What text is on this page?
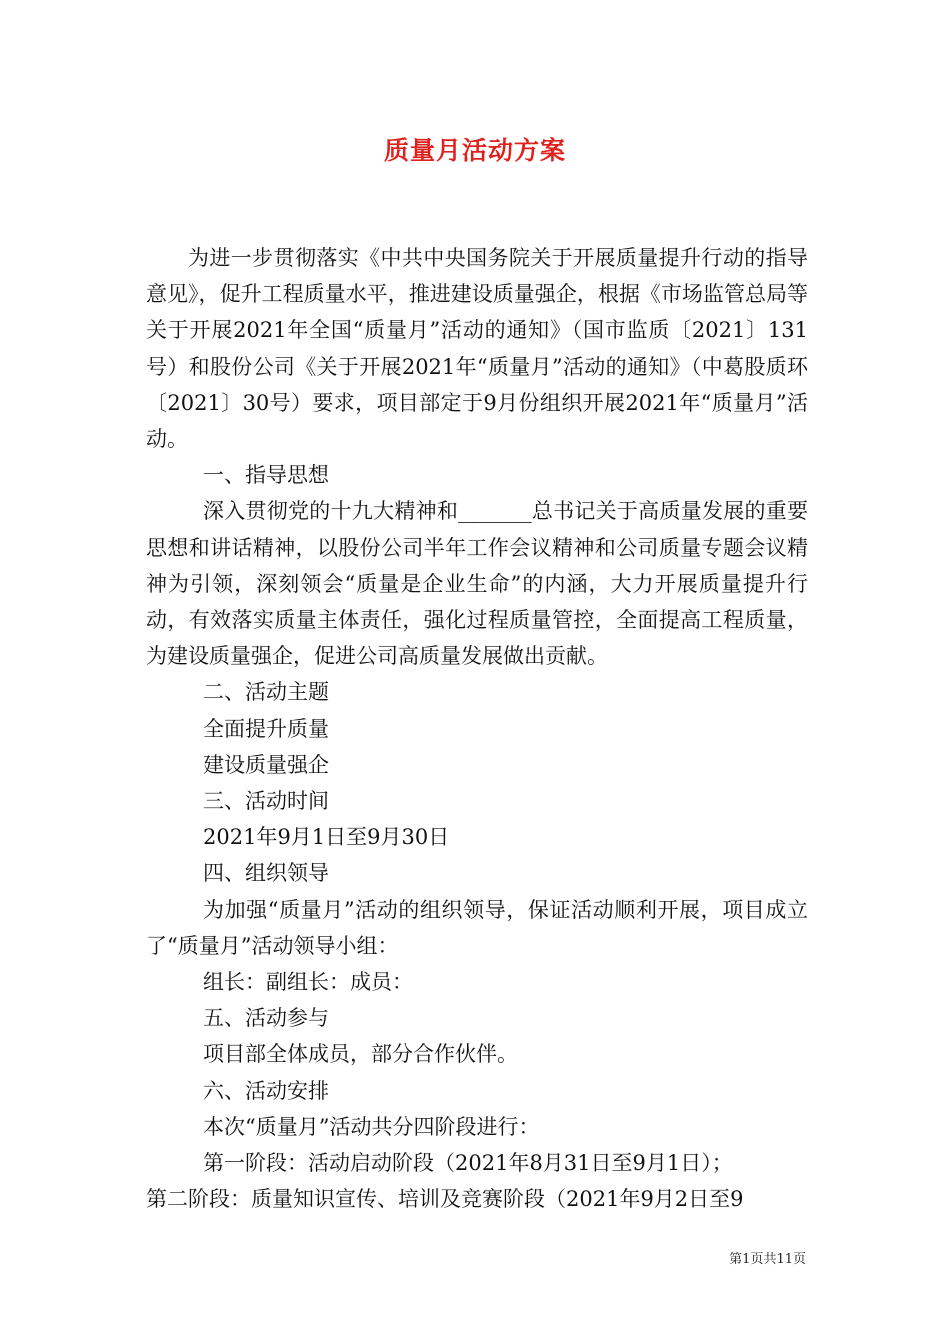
质量月活动方案

为进一步贯彻落实《中共中央国务院关于开展质量提升行动的指导意见》，促升工程质量水平，推进建设质量强企，根据《市场监管总局等关于开展2021年全国“质量月”活动的通知》（国市监质〔2021〕131号）和股份公司《关于开展2021年“质量月”活动的通知》（中葛股质环〔2021〕30号）要求，项目部定于9月份组织开展2021年“质量月”活动。

一、指导思想

深入贯彻党的十九大精神和_______总书记关于高质量发展的重要思想和讲话精神，以股份公司半年工作会议精神和公司质量专题会议精神为引领，深刻领会“质量是企业生命”的内涵，大力开展质量提升行动，有效落实质量主体责任，强化过程质量管控，全面提高工程质量，为建设质量强企，促进公司高质量发展做出贡献。

二、活动主题

全面提升质量

建设质量强企

三、活动时间

2021年9月1日至9月30日

四、组织领导

为加强“质量月”活动的组织领导，保证活动顺利开展，项目成立了“质量月”活动领导小组：

组长：副组长：成员：

五、活动参与

项目部全体成员，部分合作伙伴。

六、活动安排

本次“质量月”活动共分四阶段进行：

第一阶段：活动启动阶段（2021年8月31日至9月1日）；

第二阶段：质量知识宣传、培训及竞赛阶段（2021年9月2日至9

第1页共11页
